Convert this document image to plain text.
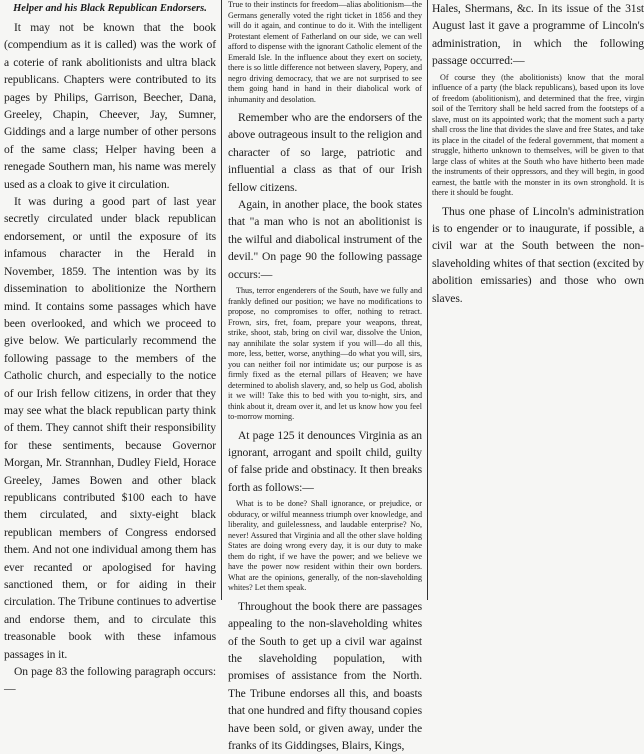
Helper and his Black Republican Endorsers.

It may not be known that the book (compendium as it is called) was the work of a coterie of rank abolitionists and ultra black republicans. Chapters were contributed to its pages by Philips, Garrison, Beecher, Dana, Greeley, Chapin, Cheever, Jay, Sumner, Giddings and a large number of other persons of the same class; Helper having been a renegade Southern man, his name was merely used as a cloak to give it circulation.

It was during a good part of last year secretly circulated under black republican endorsement, or until the exposure of its infamous character in the Herald in November, 1859. The intention was by its dissemination to abolitionize the Northern mind. It contains some passages which have been overlooked, and which we proceed to give below. We particularly recommend the following passage to the members of the Catholic church, and especially to the notice of our Irish fellow citizens, in order that they may see what the black republican party think of them. They cannot shift their responsibility for these sentiments, because Governor Morgan, Mr. Strannhan, Dudley Field, Horace Greeley, James Bowen and other black republicans contributed $100 each to have them circulated, and sixty-eight black republican members of Congress endorsed them. And not one individual among them has ever recanted or apologised for having sanctioned them, or for aiding in their circulation. The Tribune continues to advertise and endorse them, and to circulate this treasonable book with these infamous passages in it.

On page 83 the following paragraph occurs:—

True to their instincts for freedom—alias abolitionism—the Germans generally voted the right ticket in 1856 and they will do it again, and continue to do it. With the intelligent Protestant element of Fatherland on our side, we can well afford to dispense with the ignorant Catholic element of the Emerald Isle. In the influence about they exert on society, there is so little difference not between slavery, Popery, and negro driving democracy, that we are not surprised to see them going hand in hand in their diabolical work of inhumanity and desolation.

Remember who are the endorsers of the above outrageous insult to the religion and character of so large, patriotic and influential a class as that of our Irish fellow citizens.

Again, in another place, the book states that "a man who is not an abolitionist is the wilful and diabolical instrument of the devil." On page 90 the following passage occurs:—

Thus, terror engenderers of the South, have we fully and frankly defined our position; we have no modifications to propose, no compromises to offer, nothing to retract. Frown, sirs, fret, foam, prepare your weapons, threat, strike, shoot, stab, bring on civil war, dissolve the Union, nay annihilate the solar system if you will—do all this, more, less, better, worse, anything—do what you will, sirs, you can neither foil nor intimidate us; our purpose is as firmly fixed as the eternal pillars of Heaven; we have determined to abolish slavery, and, so help us God, abolish it we will! Take this to bed with you to-night, sirs, and think about it, dream over it, and let us know how you feel to-morrow morning.

At page 125 it denounces Virginia as an ignorant, arrogant and spoilt child, guilty of false pride and obstinacy. It then breaks forth as follows:—

What is to be done? Shall ignorance, or prejudice, or obduracy, or wilful meanness triumph over knowledge, and liberality, and guilelessness, and laudable enterprise? No, never! Assured that Virginia and all the other slave holding States are doing wrong every day, it is our duty to make them do right, if we have the power; and we believe we have the power now resident within their own borders. What are the opinions, generally, of the non-slaveholding whites? Let them speak.

Throughout the book there are passages appealing to the non-slaveholding whites of the South to get up a civil war against the slaveholding population, with promises of assistance from the North. The Tribune endorses all this, and boasts that one hundred and fifty thousand copies have been sold, or given away, under the franks of its Giddingses, Blairs, Kings,

Hales, Shermans, &c. In its issue of the 31st August last it gave a programme of Lincoln's administration, in which the following passage occurred:—

Of course they (the abolitionists) know that the moral influence of a party (the black republicans), based upon its love of freedom (abolitionism), and determined that the free, virgin soil of the Territory shall be held sacred from the footsteps of a slave, must on its appointed work; that the moment such a party shall cross the line that divides the slave and free States, and take its place in the citadel of the federal government, that moment a struggle, hitherto unknown to themselves, will be given to that large class of whites at the South who have hitherto been made the instruments of their oppressors, and they will begin, in good earnest, the battle with the monster in its own stronghold. It is there it should be fought.

Thus one phase of Lincoln's administration is to engender or to inaugurate, if possible, a civil war at the South between the non-slaveholding whites of that section (excited by abolition emissaries) and those who own slaves.
